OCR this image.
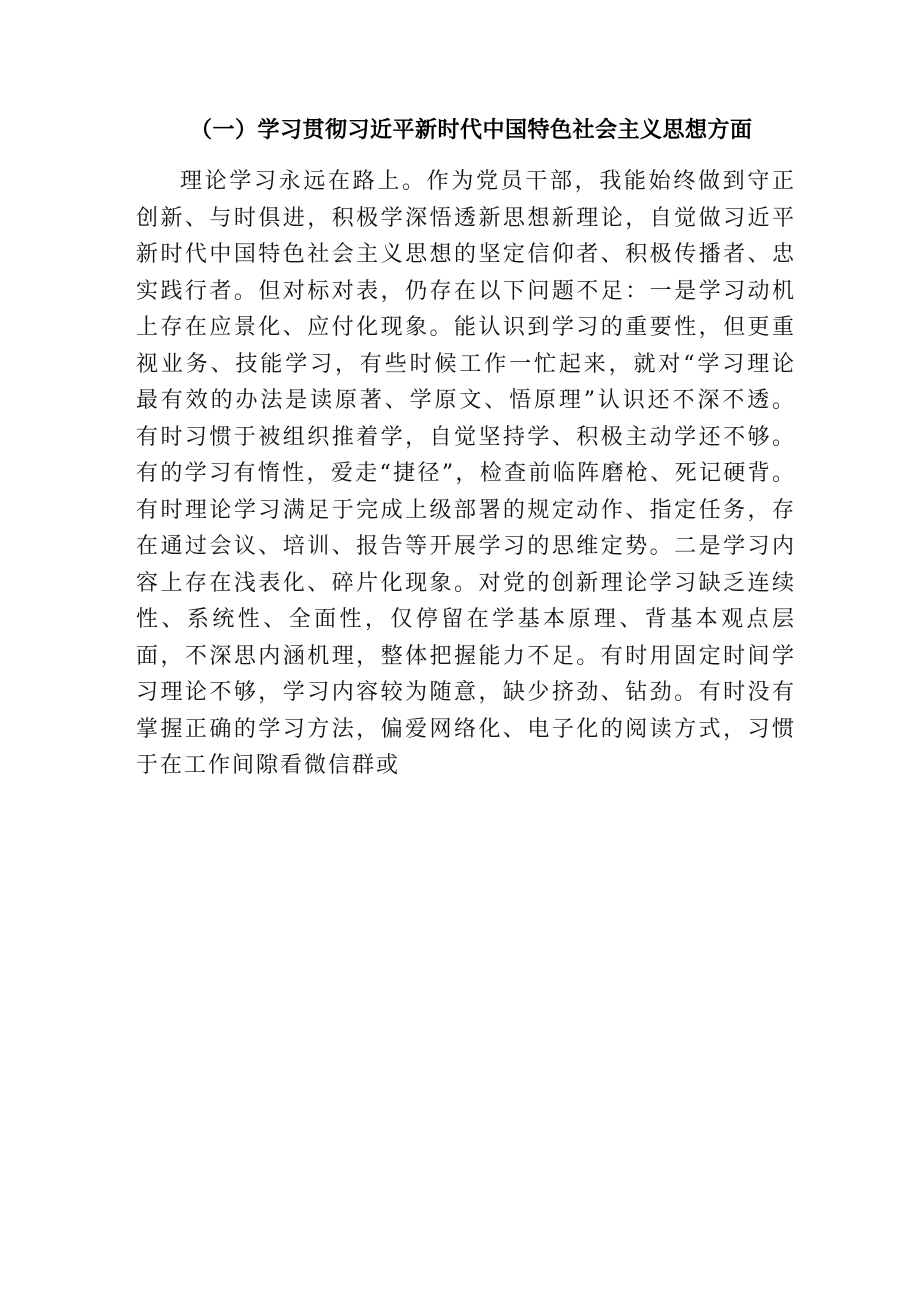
（一）学习贯彻习近平新时代中国特色社会主义思想方面

理论学习永远在路上。作为党员干部，我能始终做到守正创新、与时俱进，积极学深悟透新思想新理论，自觉做习近平新时代中国特色社会主义思想的坚定信仰者、积极传播者、忠实践行者。但对标对表，仍存在以下问题不足：一是学习动机上存在应景化、应付化现象。能认识到学习的重要性，但更重视业务、技能学习，有些时候工作一忙起来，就对“学习理论最有效的办法是读原著、学原文、悟原理”认识还不深不透。有时习惯于被组织推着学，自觉坚持学、积极主动学还不够。有的学习有惰性，爱走“捷径”，检查前临阵磨枪、死记硬背。有时理论学习满足于完成上级部署的规定动作、指定任务，存在通过会议、培训、报告等开展学习的思维定势。二是学习内容上存在浅表化、碎片化现象。对党的创新理论学习缺乏连续性、系统性、全面性，仅停留在学基本原理、背基本观点层面，不深思内涵机理，整体把握能力不足。有时用固定时间学习理论不够，学习内容较为随意，缺少挤劲、钻劲。有时没有掌握正确的学习方法，偏爱网络化、电子化的阅读方式，习惯于在工作间隙看微信群或
